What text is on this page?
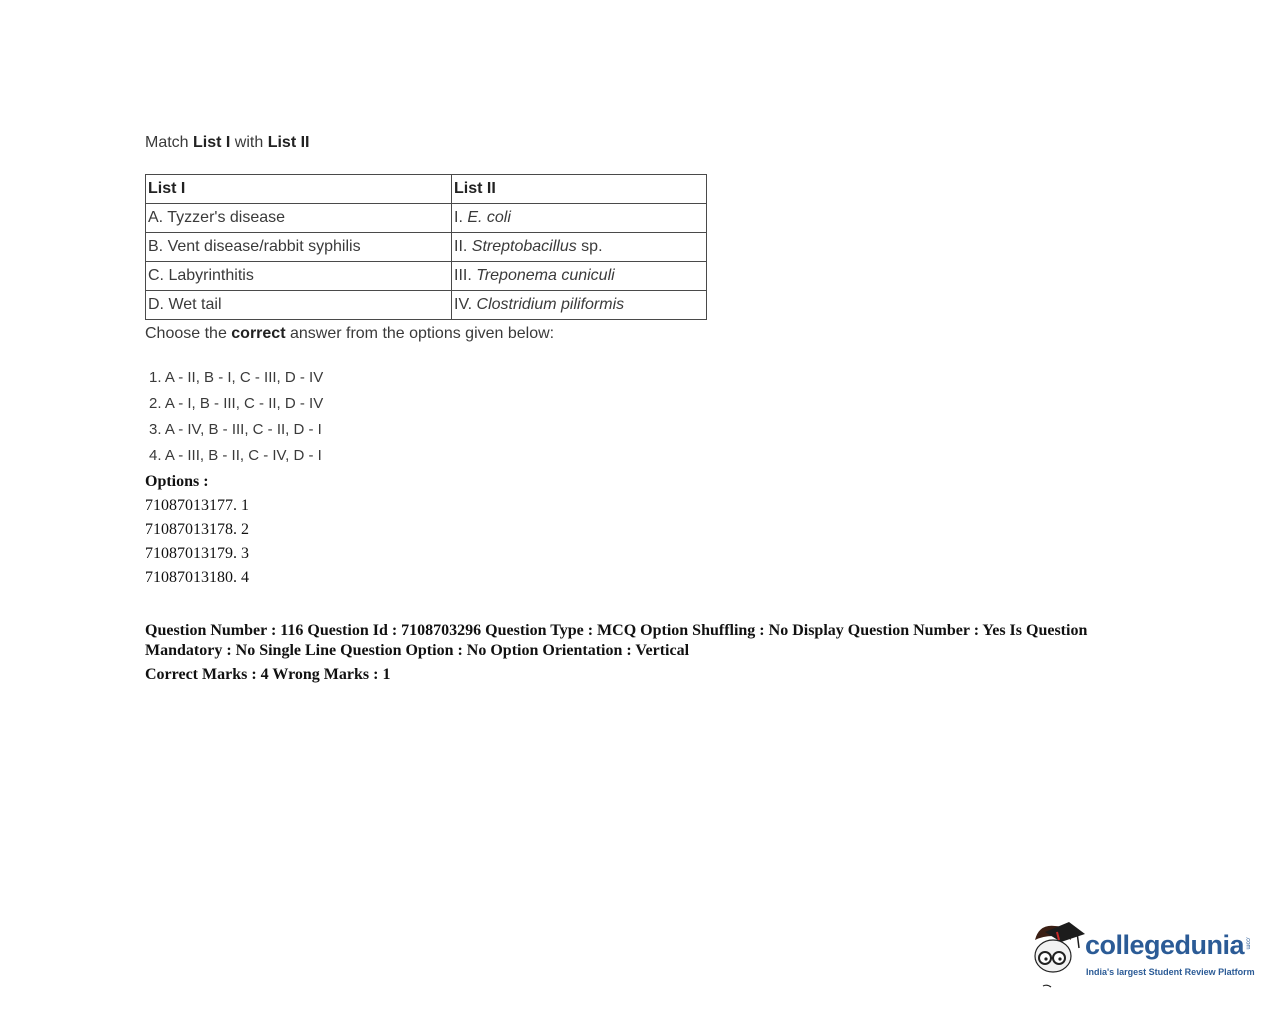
Match List I with List II
List I	List II
A. Tyzzer's disease	I. E. coli
B. Vent disease/rabbit syphilis	II. Streptobacillus sp.
C. Labyrinthitis	III. Treponema cuniculi
D. Wet tail	IV. Clostridium piliformis
Choose the correct answer from the options given below:
1. A - II, B - I, C - III, D - IV
2. A - I, B - III, C - II, D - IV
3. A - IV, B - III, C - II, D - I
4. A - III, B - II, C - IV, D - I
Options :
71087013177. 1
71087013178. 2
71087013179. 3
71087013180. 4
Question Number : 116 Question Id : 7108703296 Question Type : MCQ Option Shuffling : No Display Question Number : Yes Is Question Mandatory : No Single Line Question Option : No Option Orientation : Vertical
Correct Marks : 4 Wrong Marks : 1
collegedunia .com
India's largest Student Review Platform
